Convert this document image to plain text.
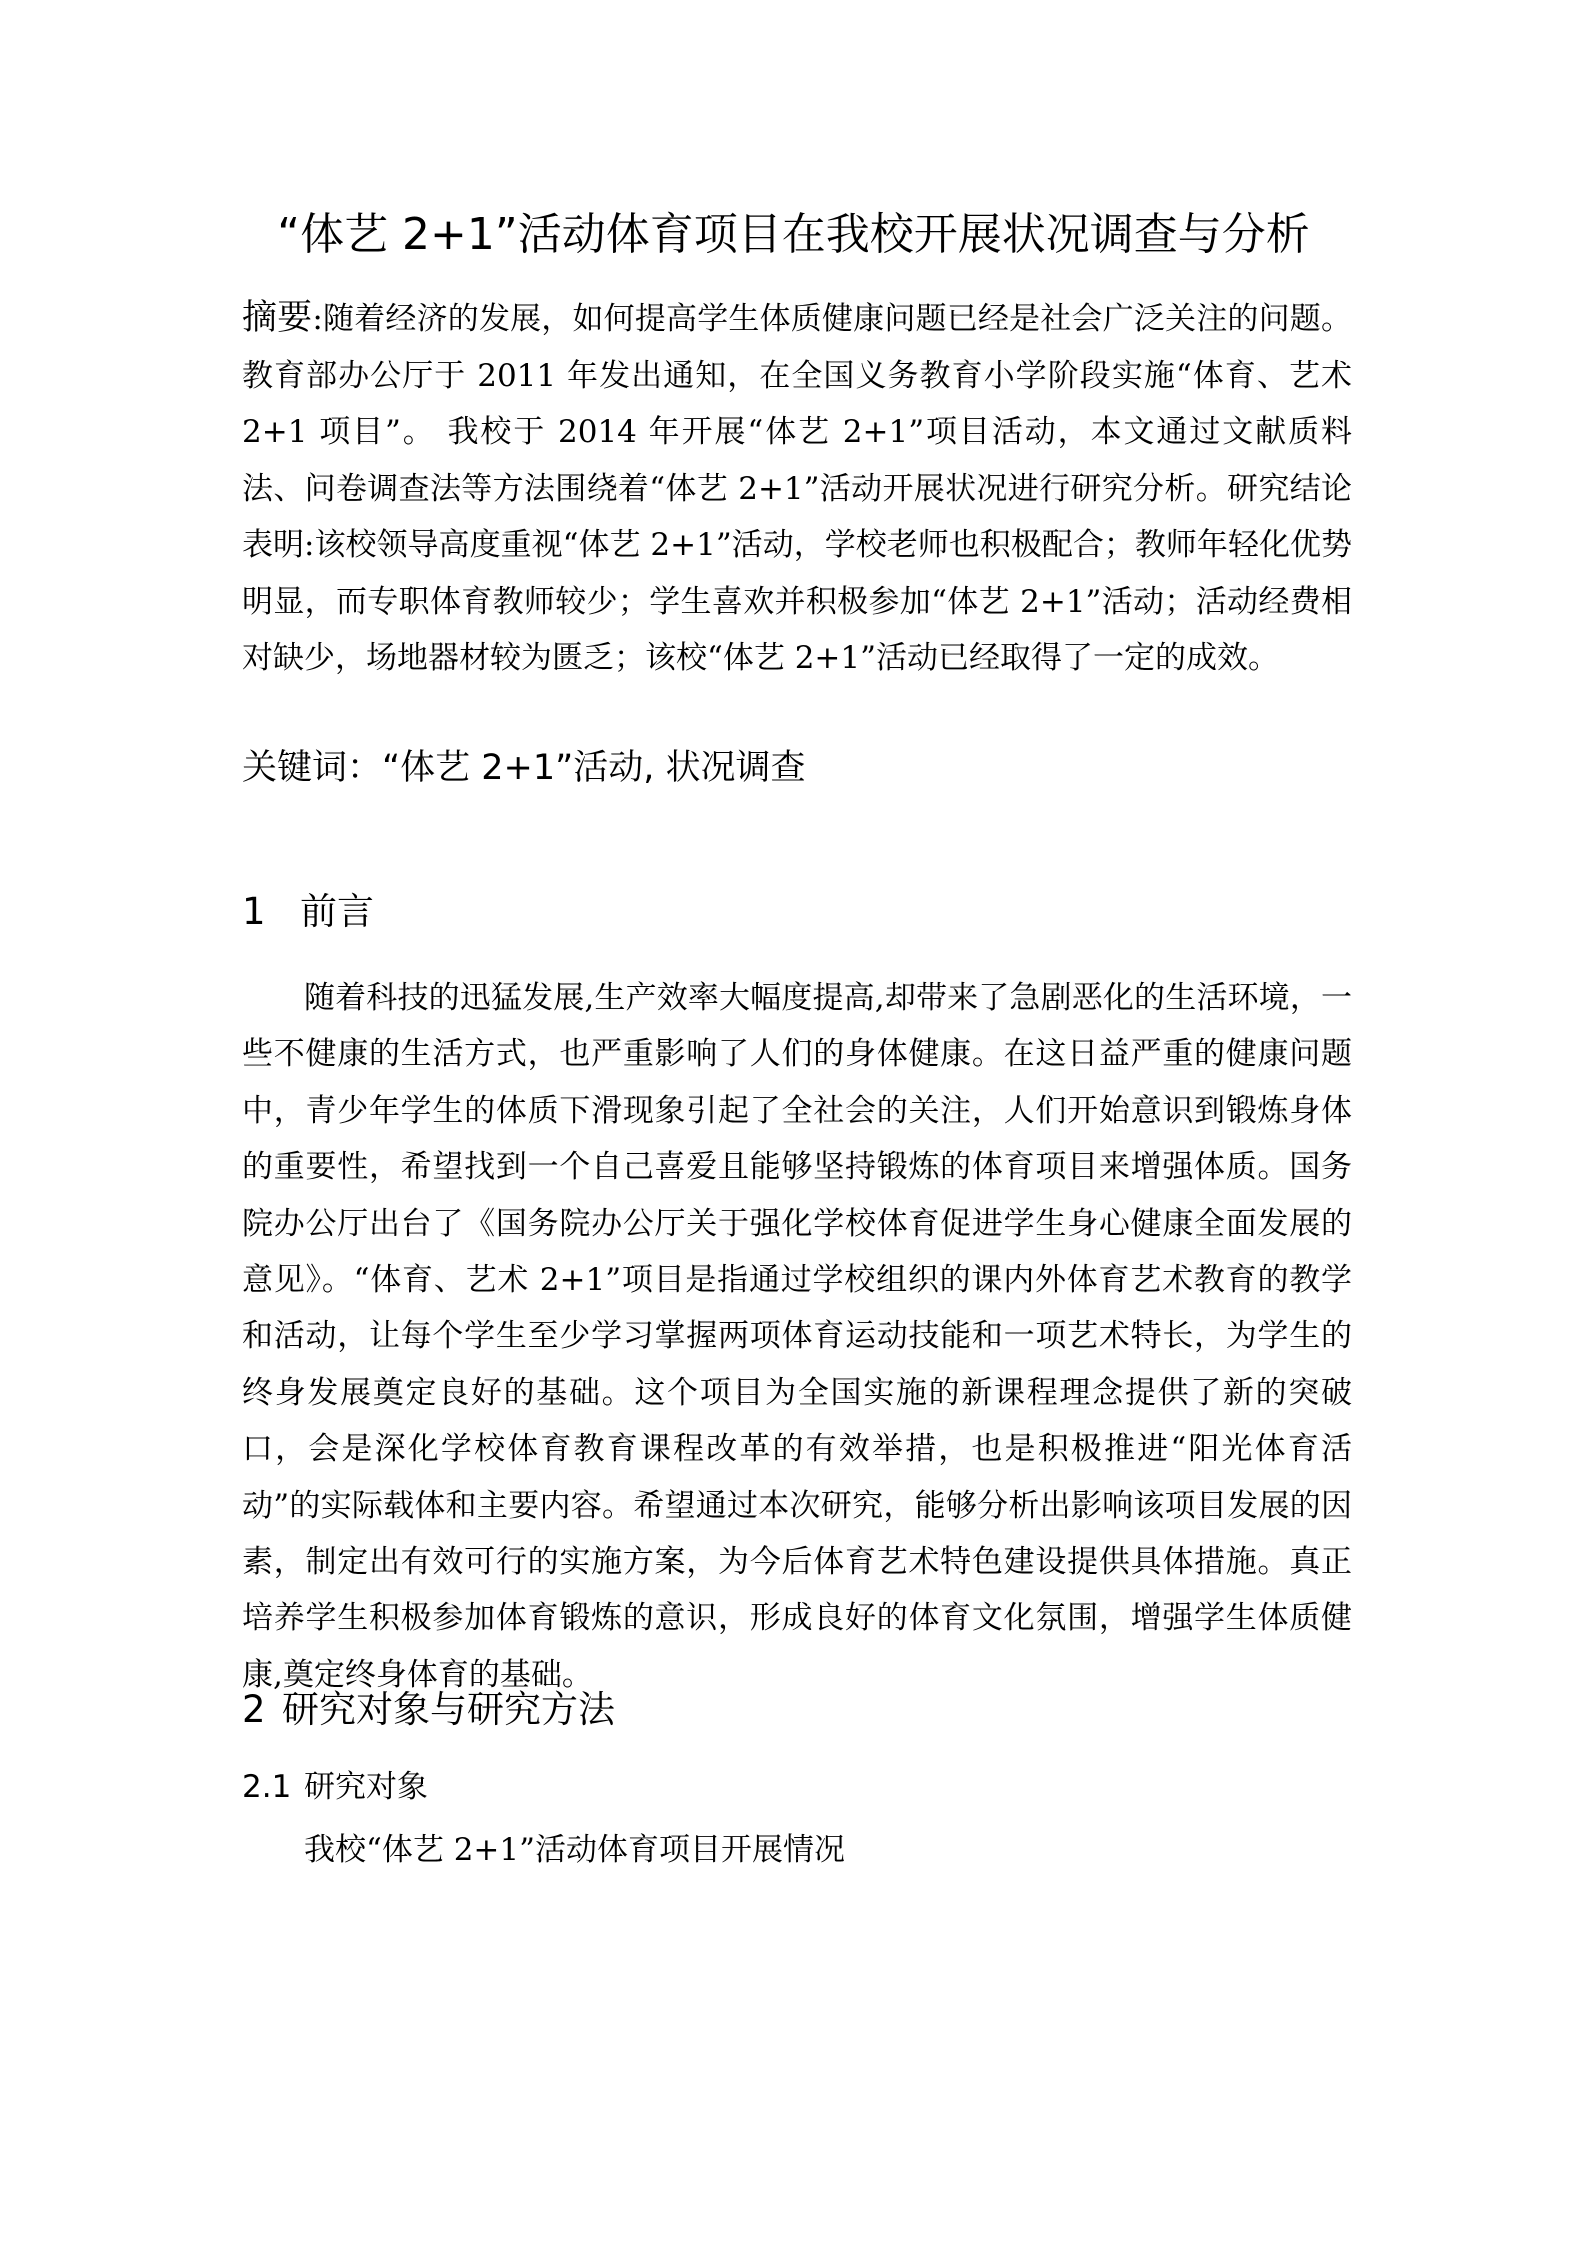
“体艺 2+1”活动体育项目在我校开展状况调查与分析
摘要:随着经济的发展，如何提高学生体质健康问题已经是社会广泛关注的问题。 教育部办公厅于 2011 年发出通知，在全国义务教育小学阶段实施“体育、艺术 2+1 项目”。 我校于 2014 年开展“体艺 2+1”项目活动，本文通过文献质料法、问卷调查法等方法围绕着“体艺 2+1”活动开展状况进行研究分析。研究结论表明:该校领导高度重视“体艺 2+1”活动，学校老师也积极配合；教师年轻化优势明显，而专职体育教师较少；学生喜欢并积极参加“体艺 2+1”活动；活动经费相对缺少，场地器材较为匮乏；该校“体艺 2+1”活动已经取得了一定的成效。
关键词：“体艺 2+1”活动, 状况调查
1 前言
随着科技的迅猛发展,生产效率大幅度提高,却带来了急剧恶化的生活环境，一些不健康的生活方式，也严重影响了人们的身体健康。在这日益严重的健康问题中，青少年学生的体质下滑现象引起了全社会的关注，人们开始意识到锻炼身体的重要性，希望找到一个自己喜爱且能够坚持锻炼的体育项目来增强体质。国务院办公厅出台了《国务院办公厅关于强化学校体育促进学生身心健康全面发展的意见》。“体育、艺术 2+1”项目是指通过学校组织的课内外体育艺术教育的教学和活动，让每个学生至少学习掌握两项体育运动技能和一项艺术特长，为学生的终身发展奠定良好的基础。这个项目为全国实施的新课程理念提供了新的突破口，会是深化学校体育教育课程改革的有效举措，也是积极推进“阳光体育活动”的实际载体和主要内容。希望通过本次研究，能够分析出影响该项目发展的因素，制定出有效可行的实施方案，为今后体育艺术特色建设提供具体措施。真正培养学生积极参加体育锻炼的意识，形成良好的体育文化氛围，增强学生体质健康,奠定终身体育的基础。
2 研究对象与研究方法
2.1 研究对象
我校“体艺 2+1”活动体育项目开展情况
